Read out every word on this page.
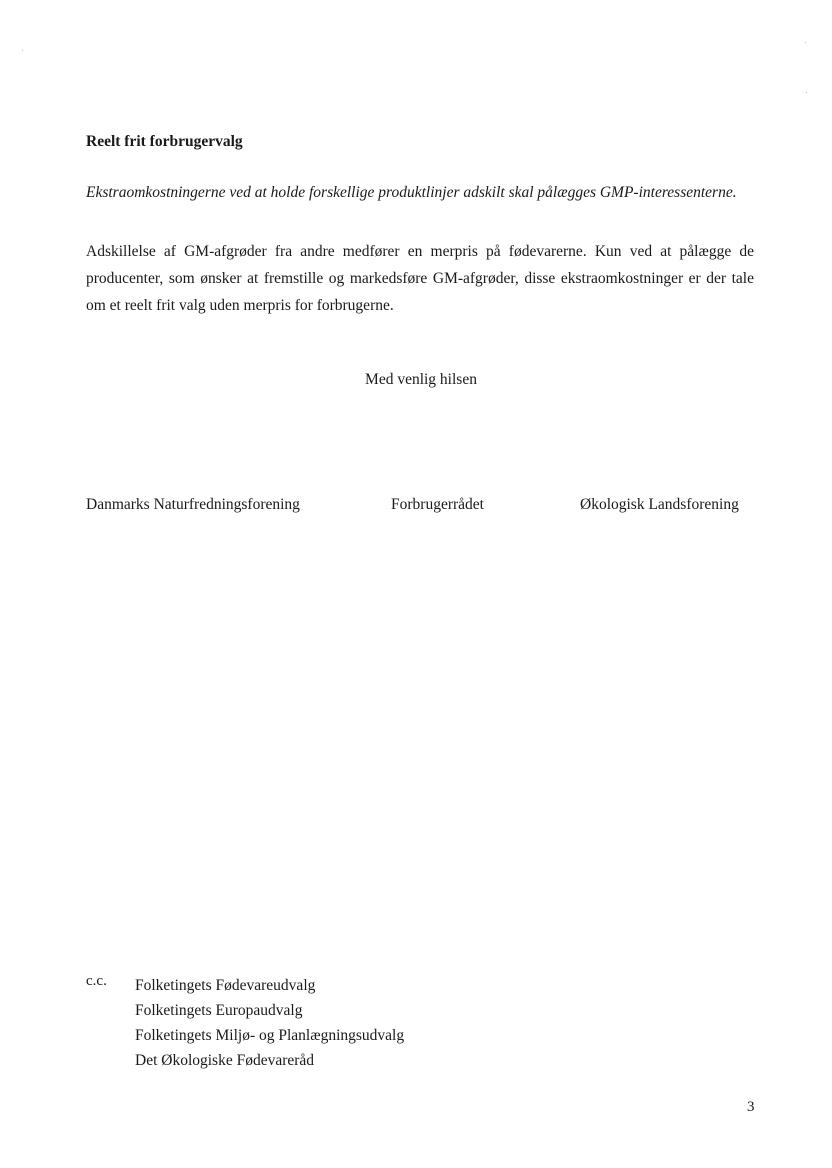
Reelt frit forbrugervalg
Ekstraomkostningerne ved at holde forskellige produktlinjer adskilt skal pålægges GMP-interessenterne.
Adskillelse af GM-afgrøder fra andre medfører en merpris på fødevarerne. Kun ved at pålægge de producenter, som ønsker at fremstille og markedsføre GM-afgrøder, disse ekstraomkostninger er der tale om et reelt frit valg uden merpris for forbrugerne.
Med venlig hilsen
Danmarks Naturfredningsforening	Forbrugerrådet	Økologisk Landsforening
c.c. Folketingets Fødevareudvalg
Folketingets Europaudvalg
Folketingets Miljø- og Planlægningsudvalg
Det Økologiske Fødevareråd
3
